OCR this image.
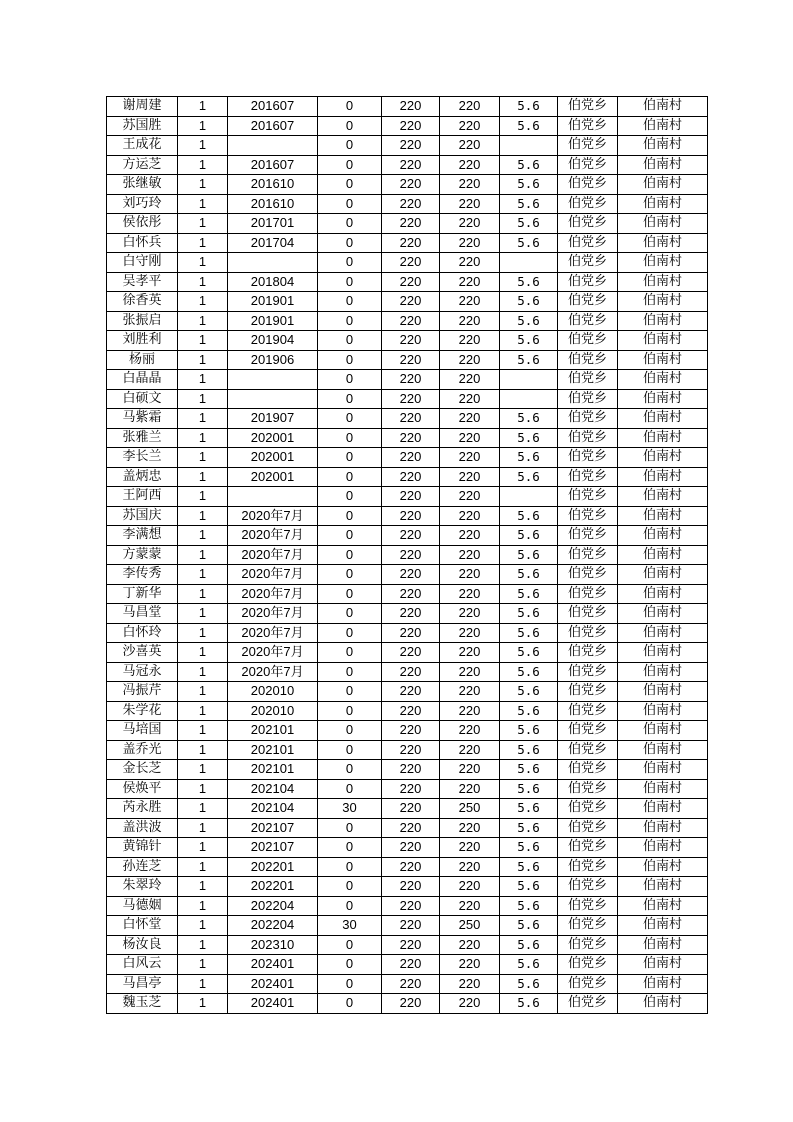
谢周建	1	201607	0	220	220	5.6	伯党乡	伯南村
苏国胜	1	201607	0	220	220	5.6	伯党乡	伯南村
王成花	1		0	220	220		伯党乡	伯南村
方运芝	1	201607	0	220	220	5.6	伯党乡	伯南村
张继敏	1	201610	0	220	220	5.6	伯党乡	伯南村
刘巧玲	1	201610	0	220	220	5.6	伯党乡	伯南村
侯依彤	1	201701	0	220	220	5.6	伯党乡	伯南村
白怀兵	1	201704	0	220	220	5.6	伯党乡	伯南村
白守刚	1		0	220	220		伯党乡	伯南村
吴孝平	1	201804	0	220	220	5.6	伯党乡	伯南村
徐香英	1	201901	0	220	220	5.6	伯党乡	伯南村
张振启	1	201901	0	220	220	5.6	伯党乡	伯南村
刘胜利	1	201904	0	220	220	5.6	伯党乡	伯南村
杨丽	1	201906	0	220	220	5.6	伯党乡	伯南村
白晶晶	1		0	220	220		伯党乡	伯南村
白硕文	1		0	220	220		伯党乡	伯南村
马紫霜	1	201907	0	220	220	5.6	伯党乡	伯南村
张雅兰	1	202001	0	220	220	5.6	伯党乡	伯南村
李长兰	1	202001	0	220	220	5.6	伯党乡	伯南村
盖炳忠	1	202001	0	220	220	5.6	伯党乡	伯南村
王阿西	1		0	220	220		伯党乡	伯南村
苏国庆	1	2020年7月	0	220	220	5.6	伯党乡	伯南村
李满想	1	2020年7月	0	220	220	5.6	伯党乡	伯南村
方蒙蒙	1	2020年7月	0	220	220	5.6	伯党乡	伯南村
李传秀	1	2020年7月	0	220	220	5.6	伯党乡	伯南村
丁新华	1	2020年7月	0	220	220	5.6	伯党乡	伯南村
马昌堂	1	2020年7月	0	220	220	5.6	伯党乡	伯南村
白怀玲	1	2020年7月	0	220	220	5.6	伯党乡	伯南村
沙喜英	1	2020年7月	0	220	220	5.6	伯党乡	伯南村
马冠永	1	2020年7月	0	220	220	5.6	伯党乡	伯南村
冯振芹	1	202010	0	220	220	5.6	伯党乡	伯南村
朱学花	1	202010	0	220	220	5.6	伯党乡	伯南村
马培国	1	202101	0	220	220	5.6	伯党乡	伯南村
盖乔光	1	202101	0	220	220	5.6	伯党乡	伯南村
金长芝	1	202101	0	220	220	5.6	伯党乡	伯南村
侯焕平	1	202104	0	220	220	5.6	伯党乡	伯南村
芮永胜	1	202104	30	220	250	5.6	伯党乡	伯南村
盖洪波	1	202107	0	220	220	5.6	伯党乡	伯南村
黄锦针	1	202107	0	220	220	5.6	伯党乡	伯南村
孙连芝	1	202201	0	220	220	5.6	伯党乡	伯南村
朱翠玲	1	202201	0	220	220	5.6	伯党乡	伯南村
马德姻	1	202204	0	220	220	5.6	伯党乡	伯南村
白怀堂	1	202204	30	220	250	5.6	伯党乡	伯南村
杨汝良	1	202310	0	220	220	5.6	伯党乡	伯南村
白风云	1	202401	0	220	220	5.6	伯党乡	伯南村
马昌亭	1	202401	0	220	220	5.6	伯党乡	伯南村
魏玉芝	1	202401	0	220	220	5.6	伯党乡	伯南村
